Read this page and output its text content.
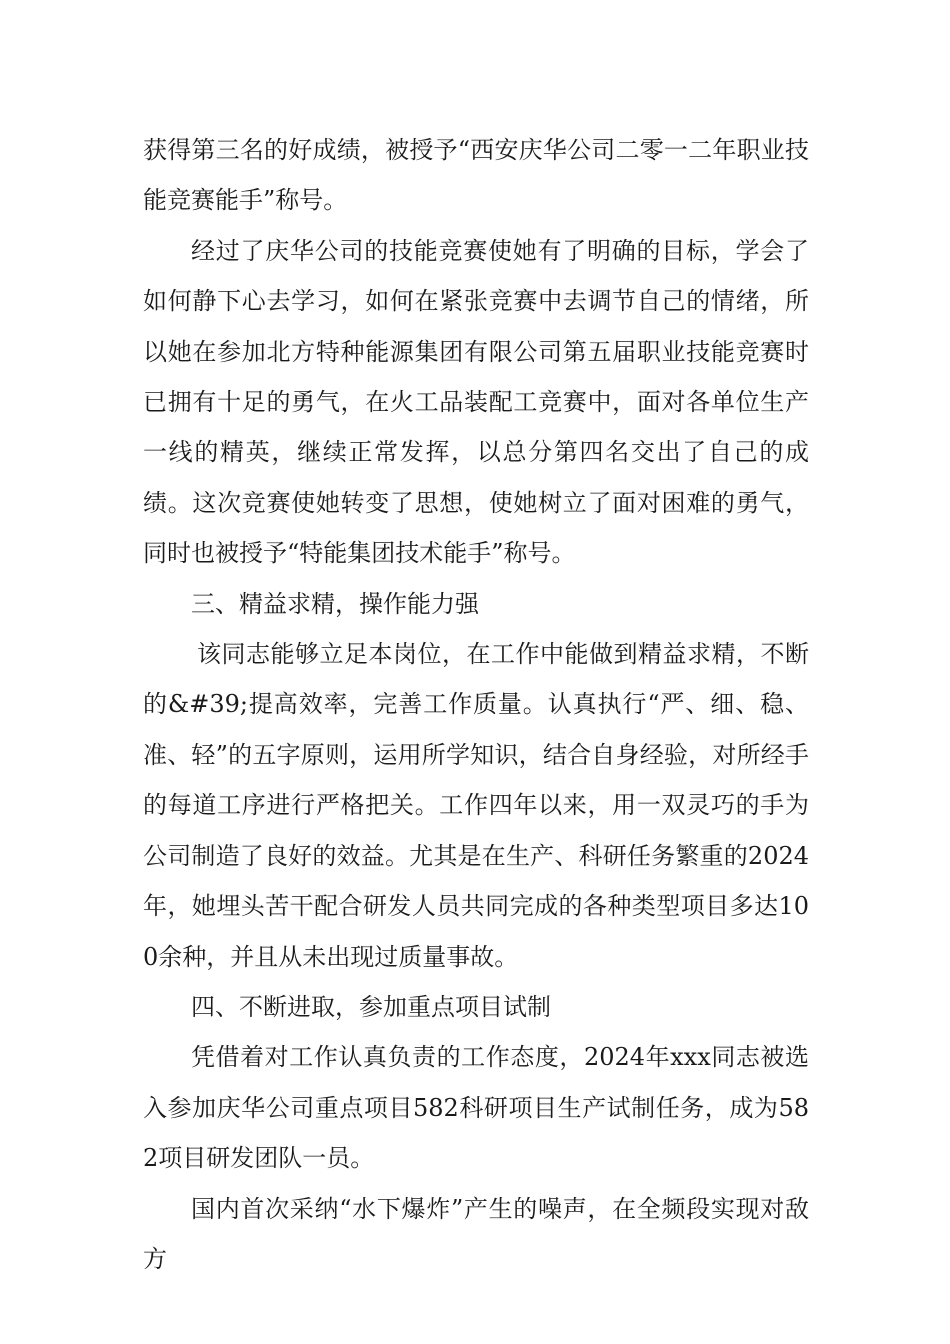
获得第三名的好成绩，被授予“西安庆华公司二零一二年职业技能竞赛能手”称号。

经过了庆华公司的技能竞赛使她有了明确的目标，学会了如何静下心去学习，如何在紧张竞赛中去调节自己的情绪，所以她在参加北方特种能源集团有限公司第五届职业技能竞赛时已拥有十足的勇气，在火工品装配工竞赛中，面对各单位生产一线的精英，继续正常发挥，以总分第四名交出了自己的成绩。这次竞赛使她转变了思想，使她树立了面对困难的勇气，同时也被授予“特能集团技术能手”称号。

三、精益求精，操作能力强

该同志能够立足本岗位，在工作中能做到精益求精，不断的&#39;提高效率，完善工作质量。认真执行“严、细、稳、准、轻”的五字原则，运用所学知识，结合自身经验，对所经手的每道工序进行严格把关。工作四年以来，用一双灵巧的手为公司制造了良好的效益。尤其是在生产、科研任务繁重的2024年，她埋头苦干配合研发人员共同完成的各种类型项目多达100余种，并且从未出现过质量事故。

四、不断进取，参加重点项目试制

凭借着对工作认真负责的工作态度，2024年xxx同志被选入参加庆华公司重点项目582科研项目生产试制任务，成为582项目研发团队一员。

国内首次采纳“水下爆炸”产生的噪声，在全频段实现对敌方
